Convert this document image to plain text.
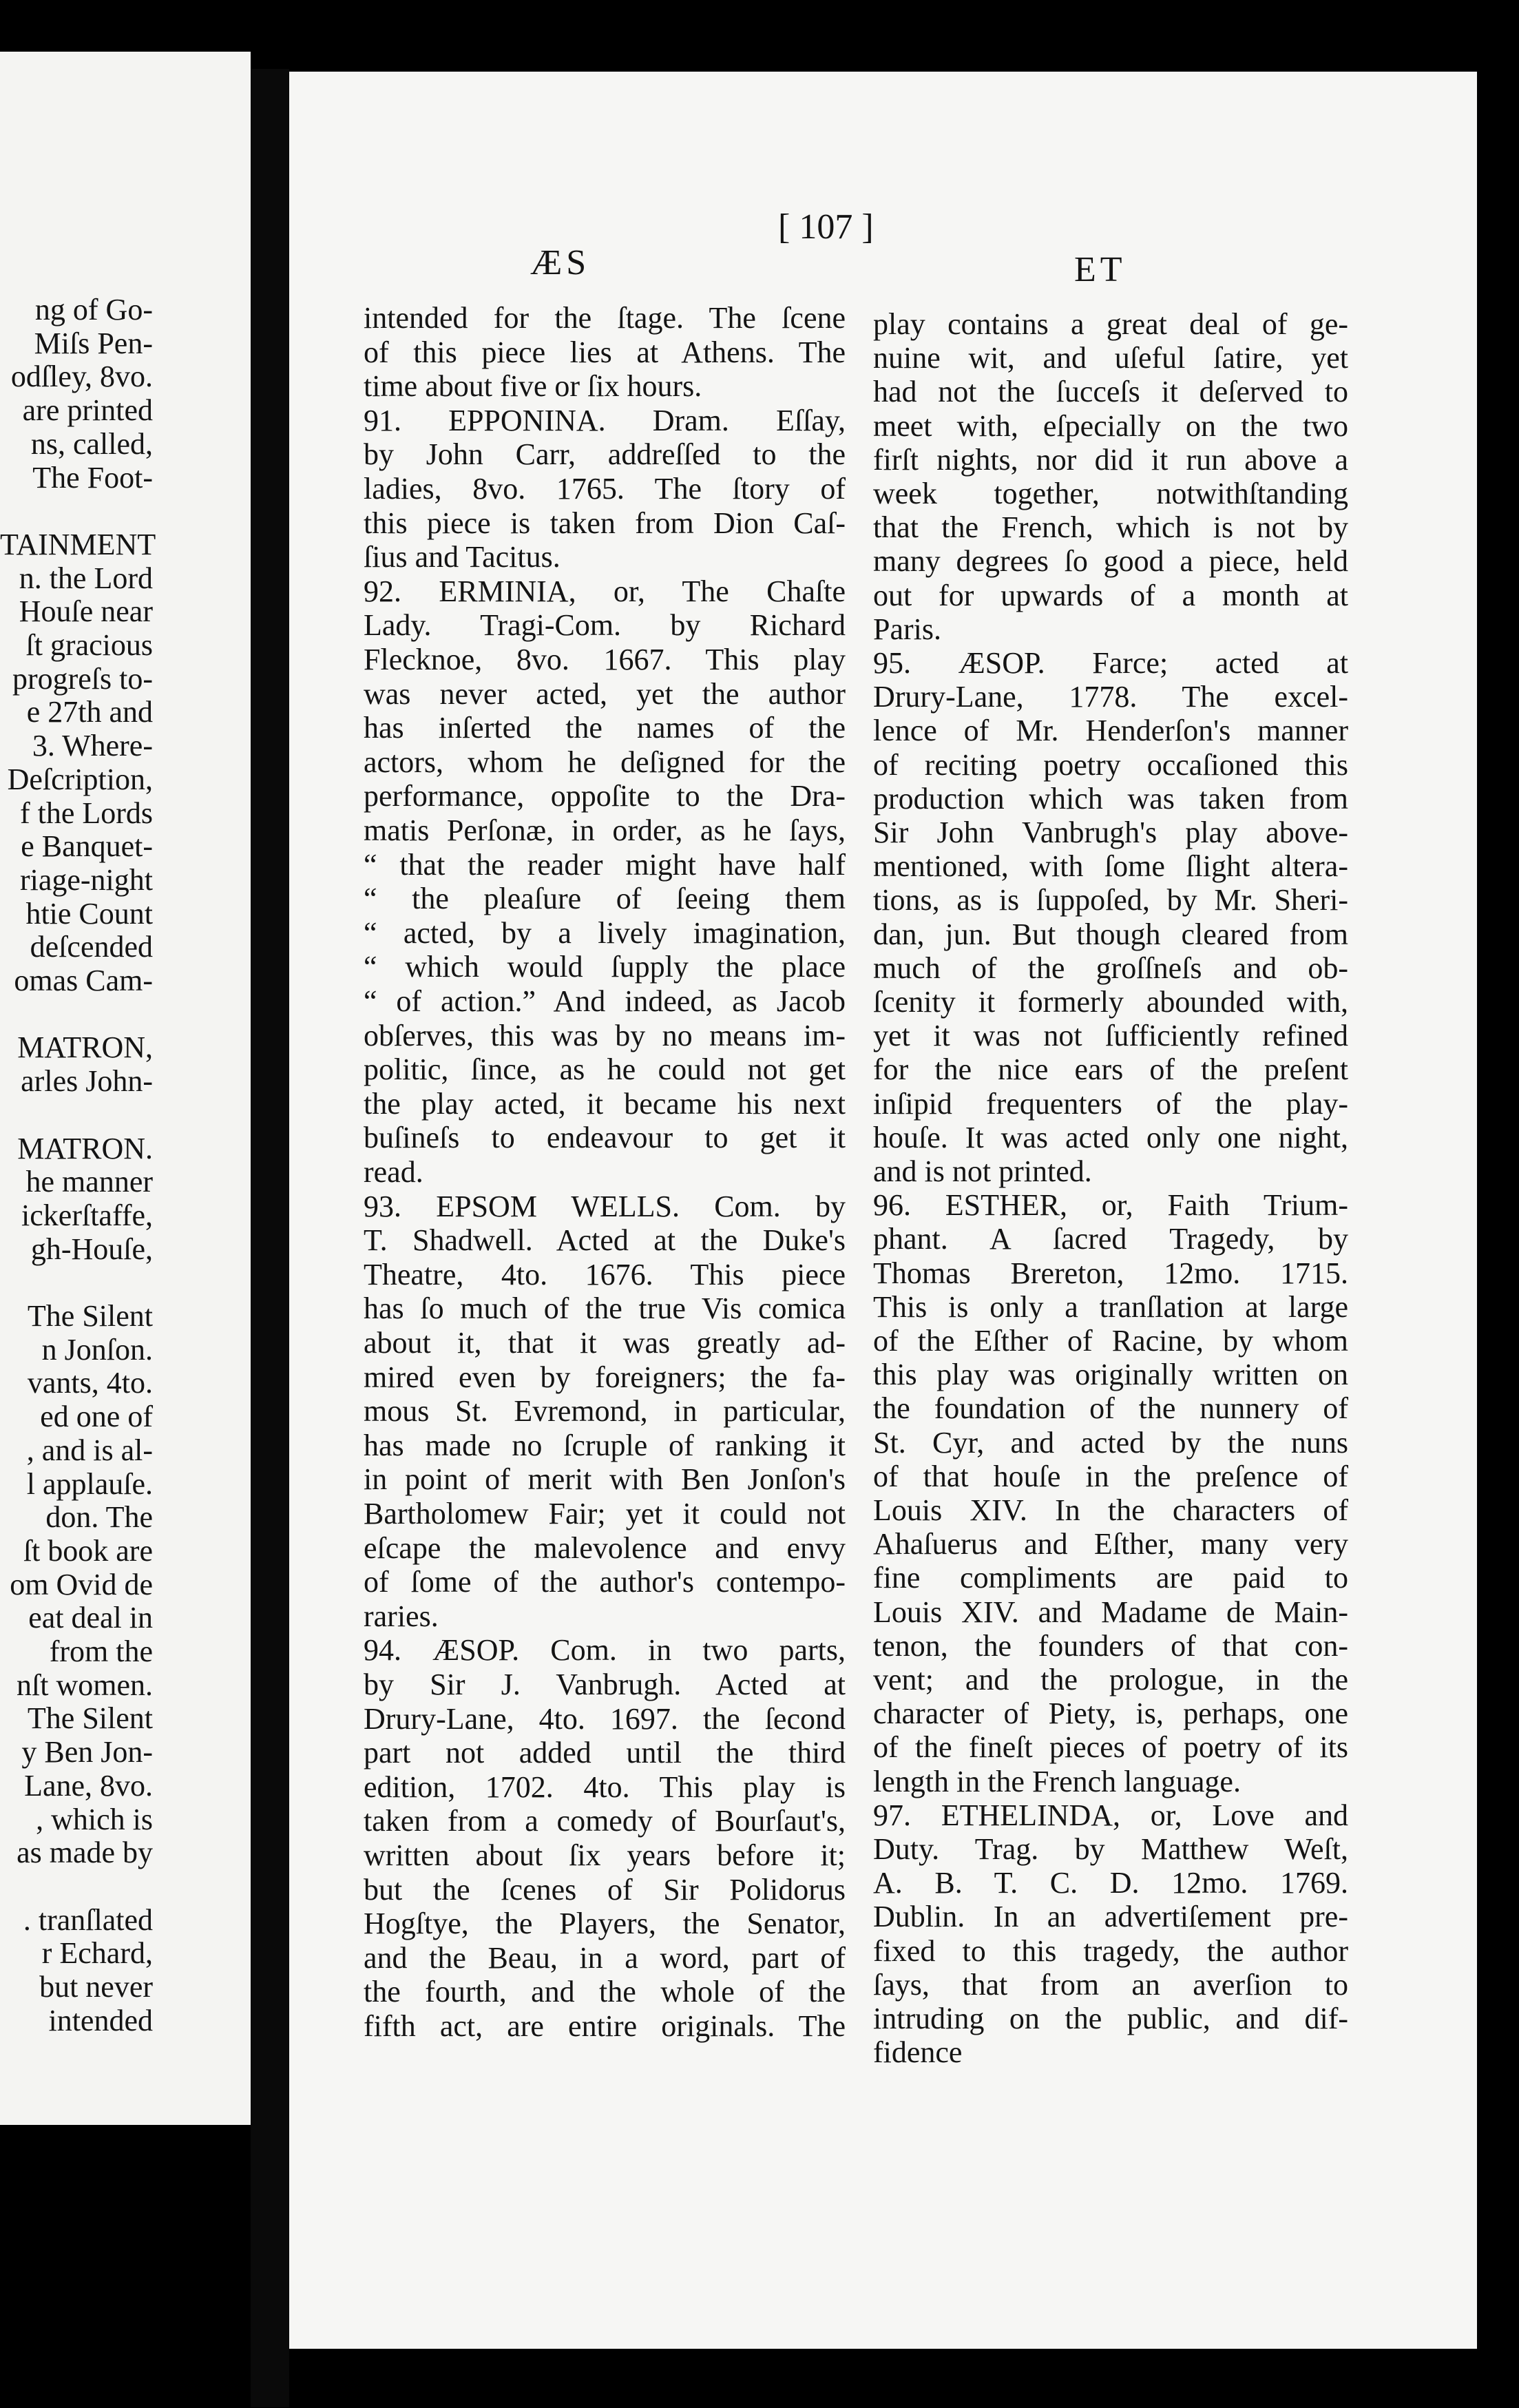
ng of Go-
Miſs Pen-
odſley, 8vo.
are printed
ns, called,
The Foot-
TAINMENT
n. the Lord
Houſe near
ſt gracious
progreſs to-
e 27th and
3. Where-
Deſcription,
f the Lords
e Banquet-
riage-night
htie Count
deſcended
omas Cam-
MATRON,
arles John-
MATRON.
he manner
ickerſtaffe,
gh-Houſe,
The Silent
n Jonſon.
vants, 4to.
ed one of
, and is al-
l applauſe.
don. The
ſt book are
om Ovid de
eat deal in
from the
nſt women.
The Silent
y Ben Jon-
Lane, 8vo.
, which is
as made by
. tranſlated
r Echard,
but never
intended
ÆS
[ 107 ]
ET
intended for the ſtage. The ſcene
of this piece lies at Athens. The
time about five or ſix hours.
91. EPPONINA. Dram. Eſſay,
by John Carr, addreſſed to the
ladies, 8vo. 1765. The ſtory of
this piece is taken from Dion Caſ-
ſius and Tacitus.
92. ERMINIA, or, The Chaſte
Lady. Tragi-Com. by Richard
Flecknoe, 8vo. 1667. This play
was never acted, yet the author
has inſerted the names of the
actors, whom he deſigned for the
performance, oppoſite to the Dra-
matis Perſonæ, in order, as he ſays,
“ that the reader might have half
“ the pleaſure of ſeeing them
“ acted, by a lively imagination,
“ which would ſupply the place
“ of action.” And indeed, as Jacob
obſerves, this was by no means im-
politic, ſince, as he could not get
the play acted, it became his next
buſineſs to endeavour to get it
read.
93. EPSOM WELLS. Com. by
T. Shadwell. Acted at the Duke's
Theatre, 4to. 1676. This piece
has ſo much of the true Vis comica
about it, that it was greatly ad-
mired even by foreigners; the fa-
mous St. Evremond, in particular,
has made no ſcruple of ranking it
in point of merit with Ben Jonſon's
Bartholomew Fair; yet it could not
eſcape the malevolence and envy
of ſome of the author's contempo-
raries.
94. ÆSOP. Com. in two parts,
by Sir J. Vanbrugh. Acted at
Drury-Lane, 4to. 1697. the ſecond
part not added until the third
edition, 1702. 4to. This play is
taken from a comedy of Bourſaut's,
written about ſix years before it;
but the ſcenes of Sir Polidorus
Hogſtye, the Players, the Senator,
and the Beau, in a word, part of
the fourth, and the whole of the
fifth act, are entire originals. The
play contains a great deal of ge-
nuine wit, and uſeful ſatire, yet
had not the ſucceſs it deſerved to
meet with, eſpecially on the two
firſt nights, nor did it run above a
week together, notwithſtanding
that the French, which is not by
many degrees ſo good a piece, held
out for upwards of a month at
Paris.
95. ÆSOP. Farce; acted at
Drury-Lane, 1778. The excel-
lence of Mr. Henderſon's manner
of reciting poetry occaſioned this
production which was taken from
Sir John Vanbrugh's play above-
mentioned, with ſome ſlight altera-
tions, as is ſuppoſed, by Mr. Sheri-
dan, jun. But though cleared from
much of the groſſneſs and ob-
ſcenity it formerly abounded with,
yet it was not ſufficiently refined
for the nice ears of the preſent
inſipid frequenters of the play-
houſe. It was acted only one night,
and is not printed.
96. ESTHER, or, Faith Trium-
phant. A ſacred Tragedy, by
Thomas Brereton, 12mo. 1715.
This is only a tranſlation at large
of the Eſther of Racine, by whom
this play was originally written on
the foundation of the nunnery of
St. Cyr, and acted by the nuns
of that houſe in the preſence of
Louis XIV. In the characters of
Ahaſuerus and Eſther, many very
fine compliments are paid to
Louis XIV. and Madame de Main-
tenon, the founders of that con-
vent; and the prologue, in the
character of Piety, is, perhaps, one
of the fineſt pieces of poetry of its
length in the French language.
97. ETHELINDA, or, Love and
Duty. Trag. by Matthew Weſt,
A. B. T. C. D. 12mo. 1769.
Dublin. In an advertiſement pre-
fixed to this tragedy, the author
ſays, that from an averſion to
intruding on the public, and dif-
fidence
